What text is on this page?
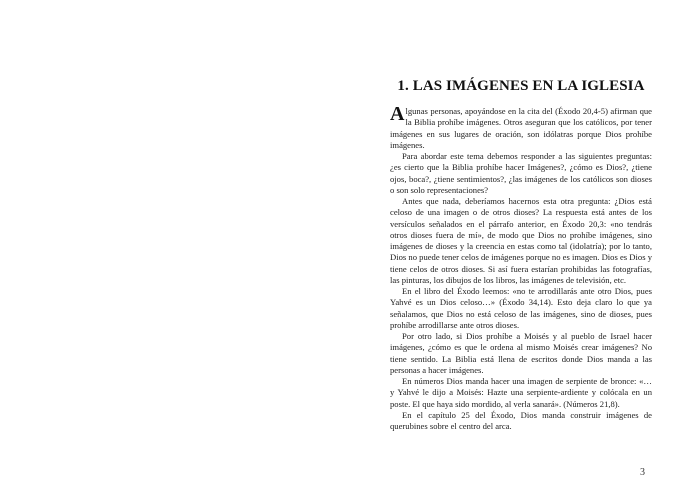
1. LAS IMÁGENES EN LA IGLESIA

Algunas personas, apoyándose en la cita del (Éxodo 20,4-5) afirman que la Biblia prohíbe imágenes. Otros aseguran que los católicos, por tener imágenes en sus lugares de oración, son idólatras porque Dios prohíbe imágenes.

Para abordar este tema debemos responder a las siguientes preguntas: ¿es cierto que la Biblia prohíbe hacer Imágenes?, ¿cómo es Dios?, ¿tiene ojos, boca?, ¿tiene sentimientos?, ¿las imágenes de los católicos son dioses o son solo representaciones?

Antes que nada, deberíamos hacernos esta otra pregunta: ¿Dios está celoso de una imagen o de otros dioses? La respuesta está antes de los versículos señalados en el párrafo anterior, en Éxodo 20,3: «no tendrás otros dioses fuera de mí», de modo que Dios no prohíbe imágenes, sino imágenes de dioses y la creencia en estas como tal (idolatría); por lo tanto, Dios no puede tener celos de imágenes porque no es imagen. Dios es Dios y tiene celos de otros dioses. Si así fuera estarían prohibidas las fotografías, las pinturas, los dibujos de los libros, las imágenes de televisión, etc.

En el libro del Éxodo leemos: «no te arrodillarás ante otro Dios, pues Yahvé es un Dios celoso…» (Éxodo 34,14). Esto deja claro lo que ya señalamos, que Dios no está celoso de las imágenes, sino de dioses, pues prohíbe arrodillarse ante otros dioses.

Por otro lado, si Dios prohíbe a Moisés y al pueblo de Israel hacer imágenes, ¿cómo es que le ordena al mismo Moisés crear imágenes? No tiene sentido. La Biblia está llena de escritos donde Dios manda a las personas a hacer imágenes.

En números Dios manda hacer una imagen de serpiente de bronce: «… y Yahvé le dijo a Moisés: Hazte una serpiente-ardiente y colócala en un poste. El que haya sido mordido, al verla sanará». (Números 21,8).

En el capítulo 25 del Éxodo, Dios manda construir imágenes de querubines sobre el centro del arca.

3
